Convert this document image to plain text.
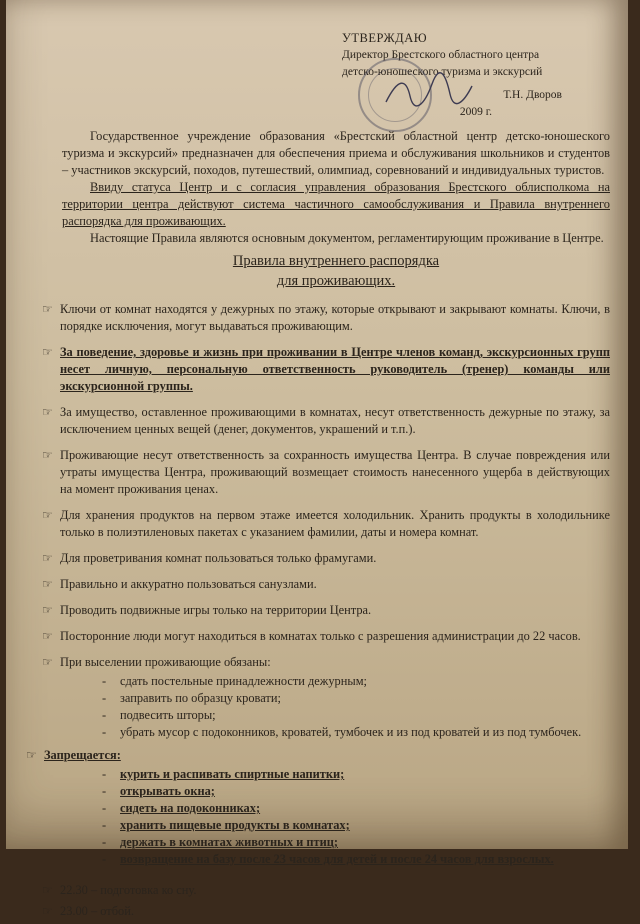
УТВЕРЖДАЮ
Директор Брестского областного центра
детско-юношеского туризма и экскурсий
Т.Н. Дворов
2009 г.

Государственное учреждение образования «Брестский областной центр детско-юношеского туризма и экскурсий» предназначен для обеспечения приема и обслуживания школьников и студентов – участников экскурсий, походов, путешествий, олимпиад, соревнований и индивидуальных туристов.

Ввиду статуса Центр и с согласия управления образования Брестского облисполкома на территории центра действуют система частичного самообслуживания и Правила внутреннего распорядка для проживающих.

Настоящие Правила являются основным документом, регламентирующим проживание в Центре.

Правила внутреннего распорядка
для проживающих.
☞ Ключи от комнат находятся у дежурных по этажу, которые открывают и закрывают комнаты. Ключи, в порядке исключения, могут выдаваться проживающим.
☞ За поведение, здоровье и жизнь при проживании в Центре членов команд, экскурсионных групп несет личную, персональную ответственность руководитель (тренер) команды или экскурсионной группы.
☞ За имущество, оставленное проживающими в комнатах, несут ответственность дежурные по этажу, за исключением ценных вещей (денег, документов, украшений и т.п.).
☞ Проживающие несут ответственность за сохранность имущества Центра. В случае повреждения или утраты имущества Центра, проживающий возмещает стоимость нанесенного ущерба в действующих на момент проживания ценах.
☞ Для хранения продуктов на первом этаже имеется холодильник. Хранить продукты в холодильнике только в полиэтиленовых пакетах с указанием фамилии, даты и номера комнат.
☞ Для проветривания комнат пользоваться только фрамугами.
☞ Правильно и аккуратно пользоваться санузлами.
☞ Проводить подвижные игры только на территории Центра.
☞ Посторонние люди могут находиться в комнатах только с разрешения администрации до 22 часов.
☞ При выселении проживающие обязаны:
-	сдать постельные принадлежности дежурным;
-	заправить по образцу кровати;
-	подвесить шторы;
-	убрать мусор с подоконников, кроватей, тумбочек и из под кроватей и из под тумбочек.
☞ Запрещается:
-	курить и распивать спиртные напитки;
-	открывать окна;
-	сидеть на подоконниках;
-	хранить пищевые продукты в комнатах;
-	держать в комнатах животных и птиц;
-	возвращение на базу после 23 часов для детей и после 24 часов для взрослых.
☞ 22.30 – подготовка ко сну.
☞ 23.00 – отбой.
